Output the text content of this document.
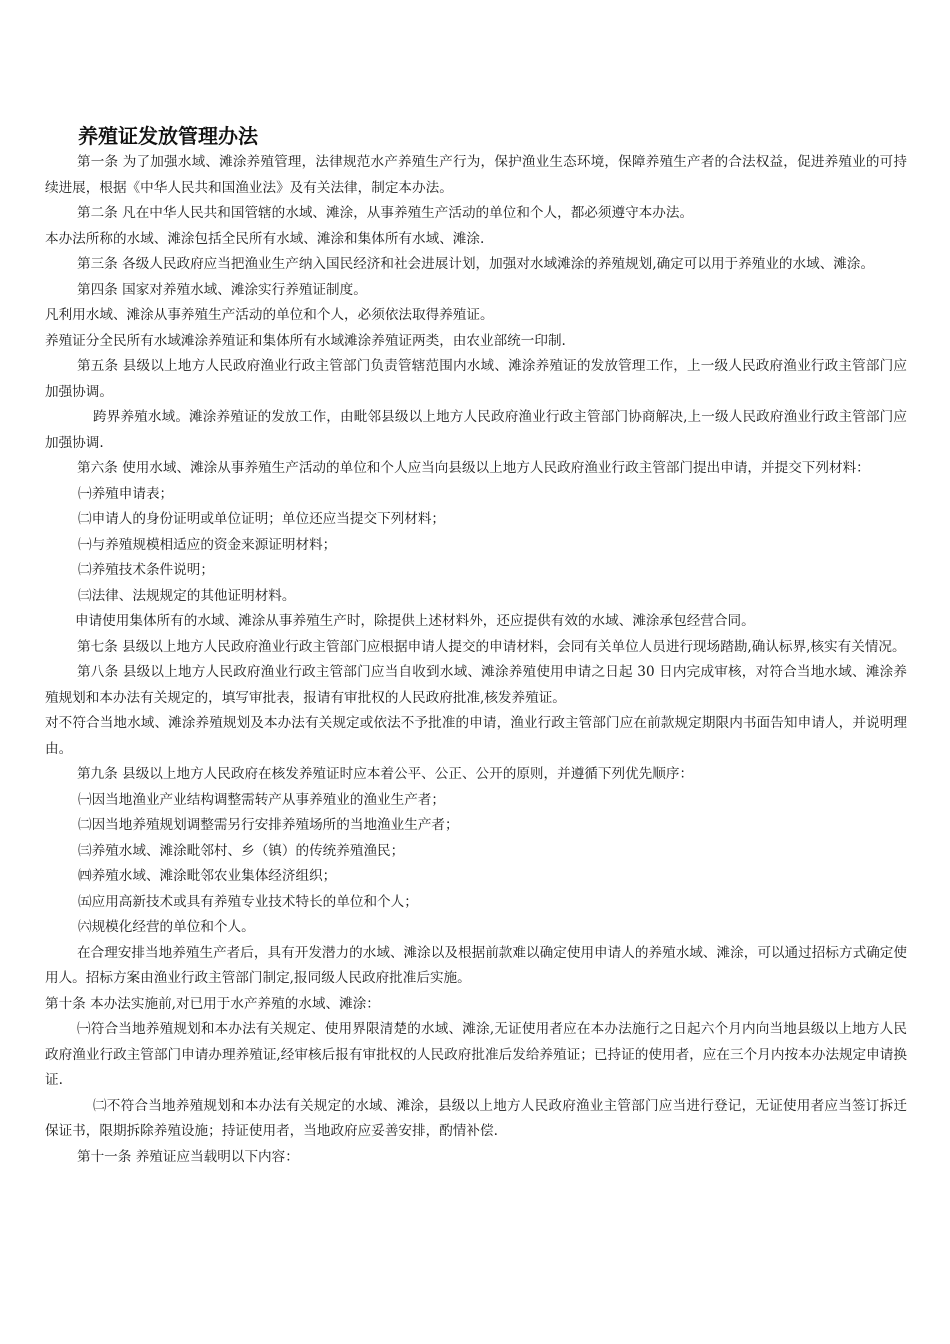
养殖证发放管理办法

第一条 为了加强水域、滩涂养殖管理，法律规范水产养殖生产行为，保护渔业生态环境，保障养殖生产者的合法权益，促进养殖业的可持续进展，根据《中华人民共和国渔业法》及有关法律，制定本办法。

第二条 凡在中华人民共和国管辖的水域、滩涂，从事养殖生产活动的单位和个人，都必须遵守本办法。

本办法所称的水域、滩涂包括全民所有水域、滩涂和集体所有水域、滩涂.

第三条 各级人民政府应当把渔业生产纳入国民经济和社会进展计划，加强对水域滩涂的养殖规划,确定可以用于养殖业的水域、滩涂。

第四条 国家对养殖水域、滩涂实行养殖证制度。

凡利用水域、滩涂从事养殖生产活动的单位和个人，必须依法取得养殖证。

养殖证分全民所有水域滩涂养殖证和集体所有水域滩涂养殖证两类，由农业部统一印制.

第五条 县级以上地方人民政府渔业行政主管部门负责管辖范围内水域、滩涂养殖证的发放管理工作，上一级人民政府渔业行政主管部门应加强协调。

跨界养殖水域。滩涂养殖证的发放工作，由毗邻县级以上地方人民政府渔业行政主管部门协商解决,上一级人民政府渔业行政主管部门应加强协调.

第六条 使用水域、滩涂从事养殖生产活动的单位和个人应当向县级以上地方人民政府渔业行政主管部门提出申请，并提交下列材料：

㈠养殖申请表；

㈡申请人的身份证明或单位证明；单位还应当提交下列材料；

㈠与养殖规模相适应的资金来源证明材料；

㈡养殖技术条件说明；

㈢法律、法规规定的其他证明材料。

申请使用集体所有的水域、滩涂从事养殖生产时，除提供上述材料外，还应提供有效的水域、滩涂承包经营合同。

第七条 县级以上地方人民政府渔业行政主管部门应根据申请人提交的申请材料，会同有关单位人员进行现场踏勘,确认标界,核实有关情况。

第八条 县级以上地方人民政府渔业行政主管部门应当自收到水域、滩涂养殖使用申请之日起 30 日内完成审核，对符合当地水域、滩涂养殖规划和本办法有关规定的，填写审批表，报请有审批权的人民政府批准,核发养殖证。

对不符合当地水域、滩涂养殖规划及本办法有关规定或依法不予批准的申请，渔业行政主管部门应在前款规定期限内书面告知申请人，并说明理由。

第九条 县级以上地方人民政府在核发养殖证时应本着公平、公正、公开的原则，并遵循下列优先顺序：

㈠因当地渔业产业结构调整需转产从事养殖业的渔业生产者；

㈡因当地养殖规划调整需另行安排养殖场所的当地渔业生产者；

㈢养殖水域、滩涂毗邻村、乡（镇）的传统养殖渔民；

㈣养殖水域、滩涂毗邻农业集体经济组织；

㈤应用高新技术或具有养殖专业技术特长的单位和个人；

㈥规模化经营的单位和个人。

在合理安排当地养殖生产者后，具有开发潜力的水域、滩涂以及根据前款难以确定使用申请人的养殖水域、滩涂，可以通过招标方式确定使用人。招标方案由渔业行政主管部门制定,报同级人民政府批准后实施。

第十条 本办法实施前,对已用于水产养殖的水域、滩涂：

㈠符合当地养殖规划和本办法有关规定、使用界限清楚的水域、滩涂,无证使用者应在本办法施行之日起六个月内向当地县级以上地方人民政府渔业行政主管部门申请办理养殖证,经审核后报有审批权的人民政府批准后发给养殖证；已持证的使用者，应在三个月内按本办法规定申请换证.

㈡不符合当地养殖规划和本办法有关规定的水域、滩涂，县级以上地方人民政府渔业主管部门应当进行登记，无证使用者应当签订拆迁保证书，限期拆除养殖设施；持证使用者，当地政府应妥善安排，酌情补偿.

第十一条 养殖证应当载明以下内容：
